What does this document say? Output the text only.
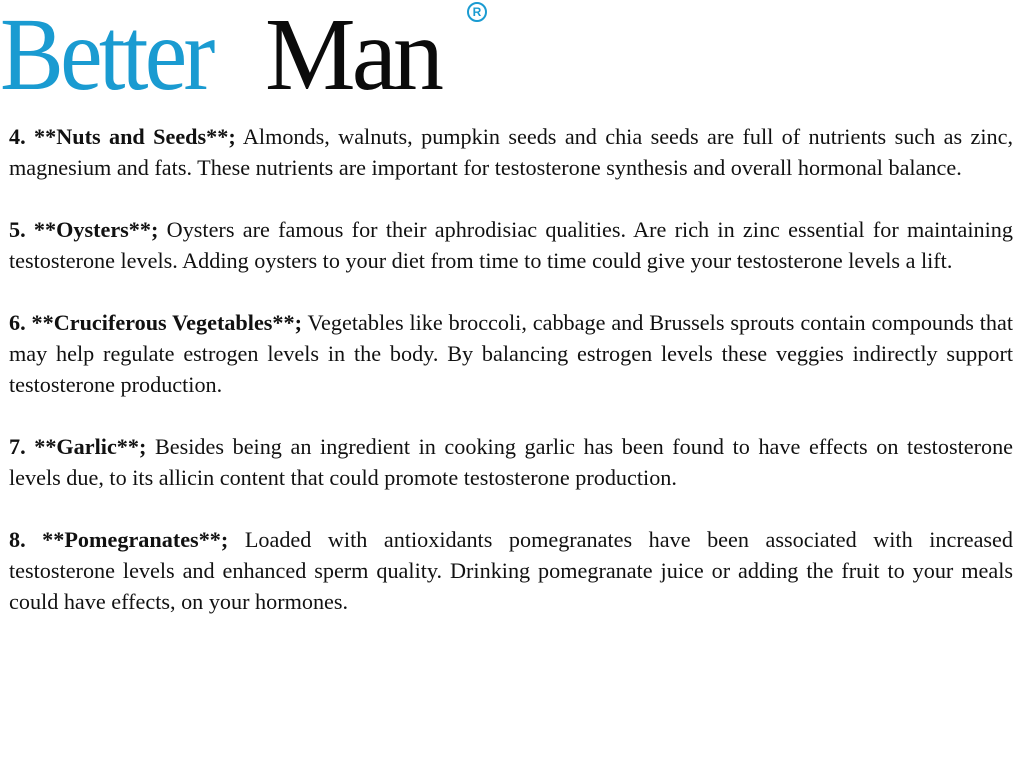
Better Man	R

4. **Nuts and Seeds**; Almonds, walnuts, pumpkin seeds and chia seeds are full of nutrients such as zinc, magnesium and fats. These nutrients are important for testosterone synthesis and overall hormonal balance.

5. **Oysters**; Oysters are famous for their aphrodisiac qualities. Are rich in zinc essential for maintaining testosterone levels. Adding oysters to your diet from time to time could give your testosterone levels a lift.

6. **Cruciferous Vegetables**; Vegetables like broccoli, cabbage and Brussels sprouts contain compounds that may help regulate estrogen levels in the body. By balancing estrogen levels these veggies indirectly support testosterone production.

7. **Garlic**; Besides being an ingredient in cooking garlic has been found to have effects on testosterone levels due, to its allicin content that could promote testosterone production.

8. **Pomegranates**; Loaded with antioxidants pomegranates have been associated with increased testosterone levels and enhanced sperm quality. Drinking pomegranate juice or adding the fruit to your meals could have effects, on your hormones.
